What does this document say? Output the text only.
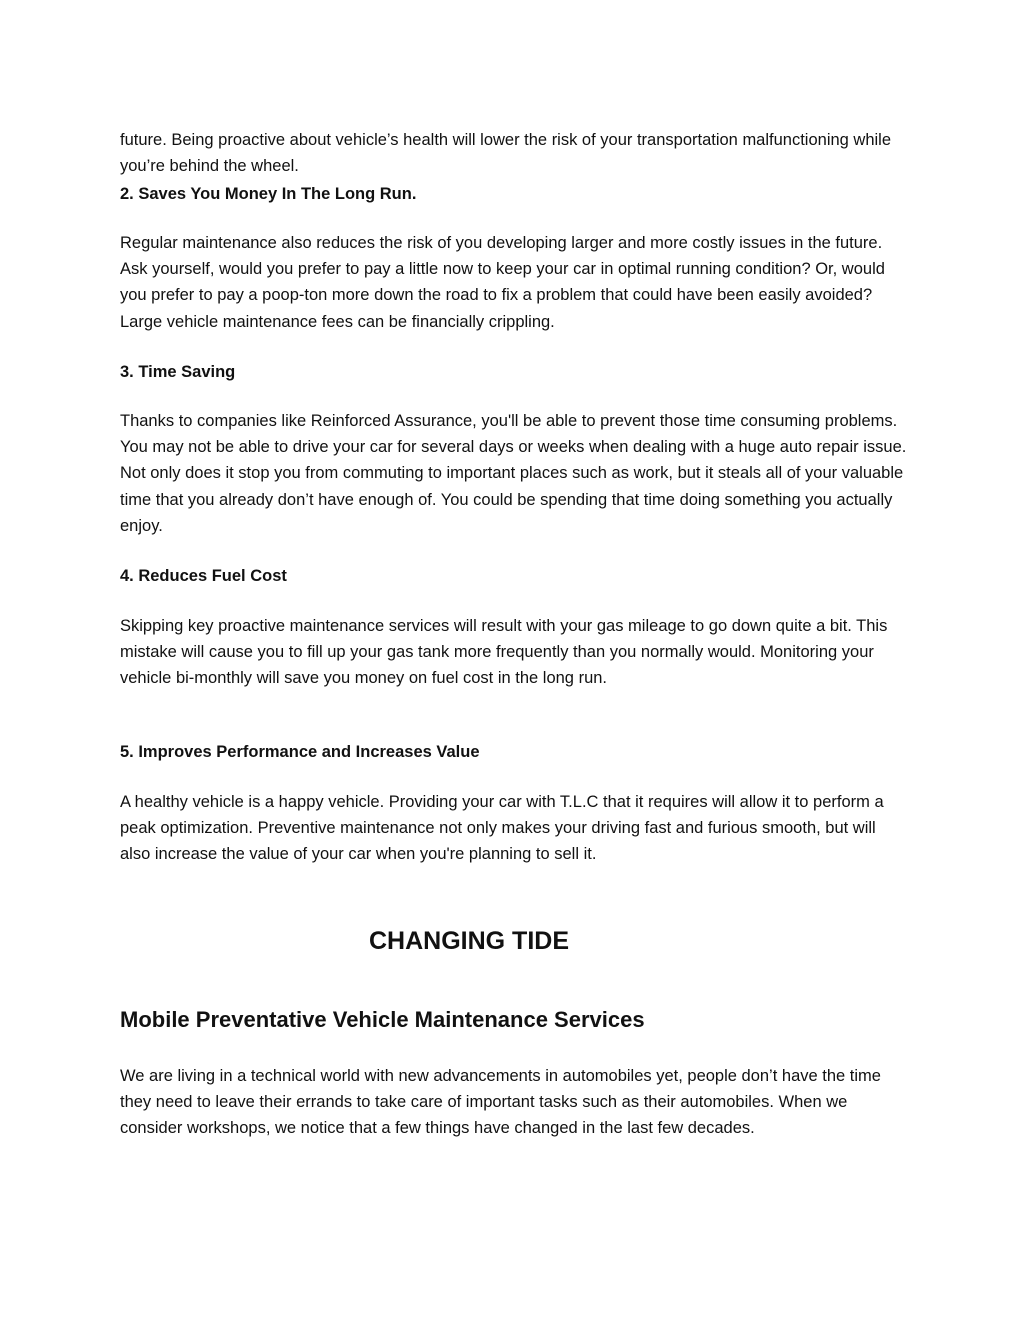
future. Being proactive about vehicle’s health will lower the risk of your transportation malfunctioning while you’re behind the wheel.

2. Saves You Money In The Long Run.

Regular maintenance also reduces the risk of you developing larger and more costly issues in the future. Ask yourself, would you prefer to pay a little now to keep your car in optimal running condition? Or, would you prefer to pay a poop-ton more down the road to fix a problem that could have been easily avoided? Large vehicle maintenance fees can be financially crippling.

3. Time Saving

Thanks to companies like Reinforced Assurance, you'll be able to prevent those time consuming problems. You may not be able to drive your car for several days or weeks when dealing with a huge auto repair issue. Not only does it stop you from commuting to important places such as work, but it steals all of your valuable time that you already don’t have enough of. You could be spending that time doing something you actually enjoy.

4. Reduces Fuel Cost

Skipping key proactive maintenance services will result with your gas mileage to go down quite a bit. This mistake will cause you to fill up your gas tank more frequently than you normally would. Monitoring your vehicle bi-monthly will save you money on fuel cost in the long run.

5. Improves Performance and Increases Value

A healthy vehicle is a happy vehicle. Providing your car with T.L.C that it requires will allow it to perform a peak optimization. Preventive maintenance not only makes your driving fast and furious smooth, but will also increase the value of your car when you're planning to sell it.

CHANGING TIDE
Mobile Preventative Vehicle Maintenance Services

We are living in a technical world with new advancements in automobiles yet, people don’t have the time they need to leave their errands to take care of important tasks such as their automobiles. When we consider workshops, we notice that a few things have changed in the last few decades.
